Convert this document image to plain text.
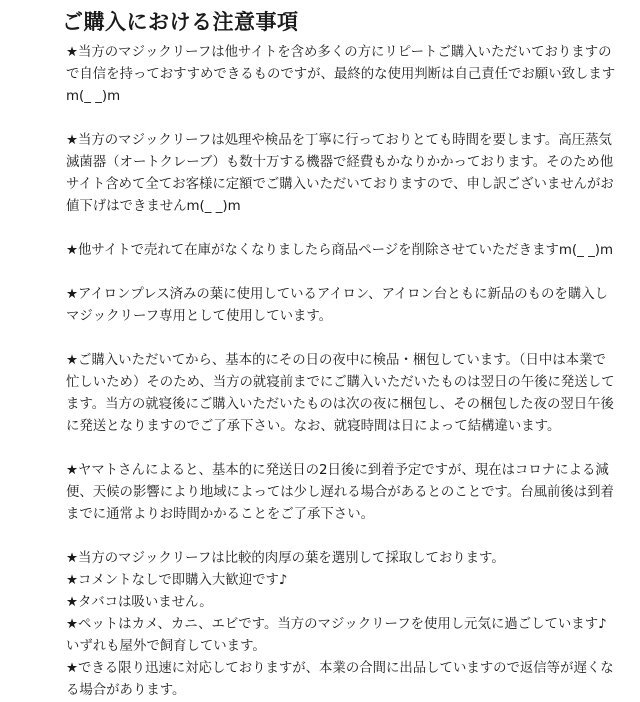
ご購入における注意事項

★当方のマジックリーフは他サイトを含め多くの方にリピートご購入いただいておりますの
で自信を持っておすすめできるものですが、最終的な使用判断は自己責任でお願い致します
m(_ _)m

★当方のマジックリーフは処理や検品を丁寧に行っておりとても時間を要します。高圧蒸気
滅菌器（オートクレーブ）も数十万する機器で経費もかなりかかっております。そのため他
サイト含めて全てお客様に定額でご購入いただいておりますので、申し訳ございませんがお
値下げはできませんm(_ _)m

★他サイトで売れて在庫がなくなりましたら商品ページを削除させていただきますm(_ _)m

★アイロンプレス済みの葉に使用しているアイロン、アイロン台ともに新品のものを購入し
マジックリーフ専用として使用しています。

★ご購入いただいてから、基本的にその日の夜中に検品・梱包しています。（日中は本業で
忙しいため）そのため、当方の就寝前までにご購入いただいたものは翌日の午後に発送して
ます。当方の就寝後にご購入いただいたものは次の夜に梱包し、その梱包した夜の翌日午後
に発送となりますのでご了承下さい。なお、就寝時間は日によって結構違います。

★ヤマトさんによると、基本的に発送日の2日後に到着予定ですが、現在はコロナによる減
便、天候の影響により地域によっては少し遅れる場合があるとのことです。台風前後は到着
までに通常よりお時間かかることをご了承下さい。

★当方のマジックリーフは比較的肉厚の葉を選別して採取しております。
★コメントなしで即購入大歓迎です♪
★タバコは吸いません。
★ペットはカメ、カニ、エビです。当方のマジックリーフを使用し元気に過ごしています♪
いずれも屋外で飼育しています。
★できる限り迅速に対応しておりますが、本業の合間に出品していますので返信等が遅くな
る場合があります。
